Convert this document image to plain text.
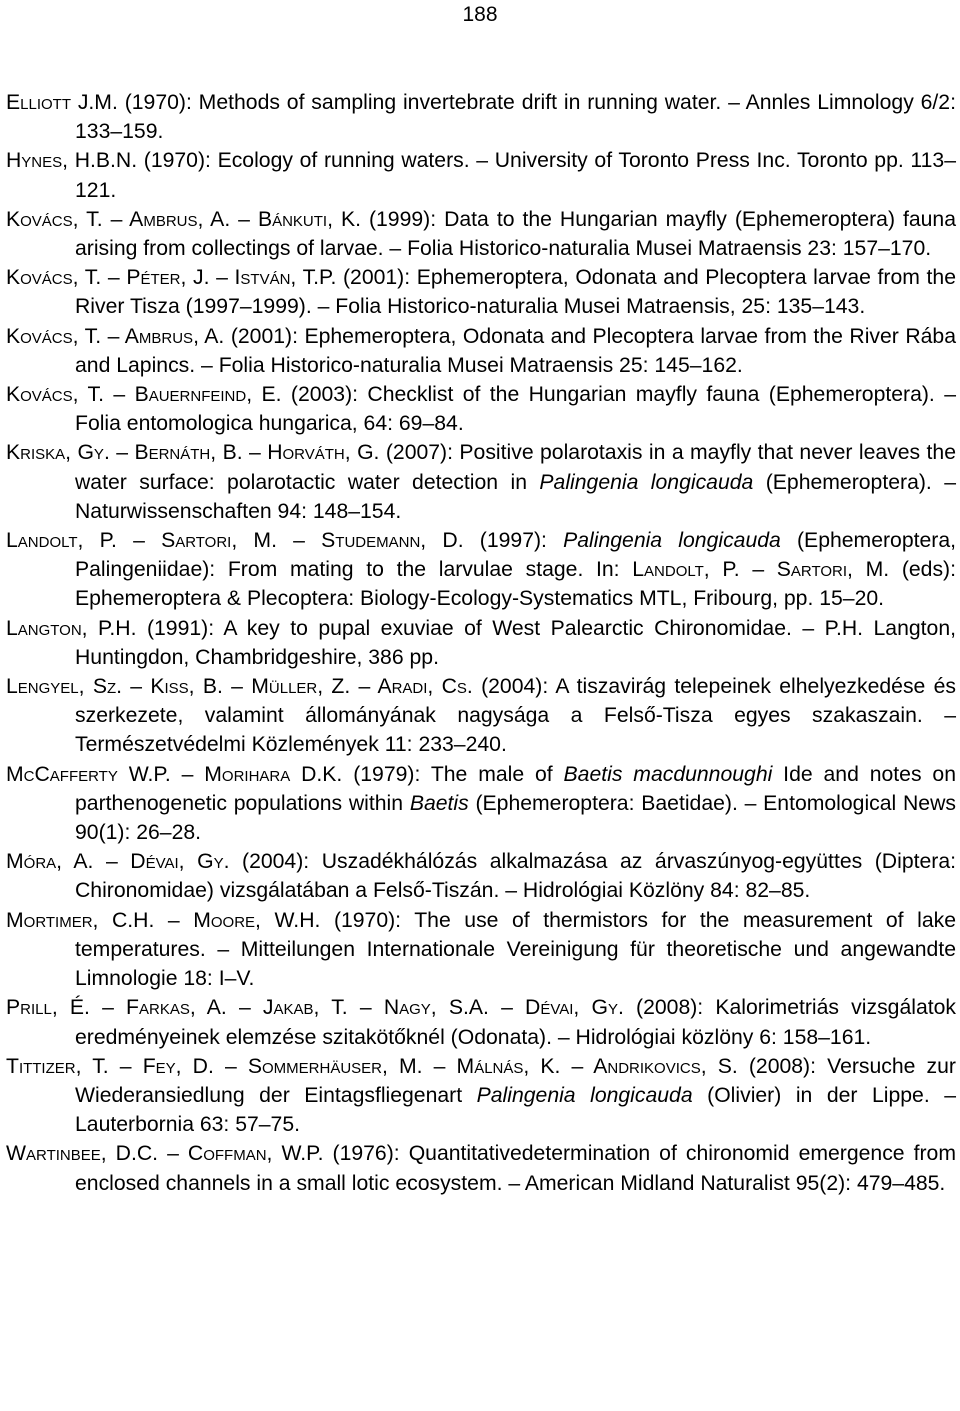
188
Elliott J.M. (1970): Methods of sampling invertebrate drift in running water. – Annles Limnology 6/2: 133–159.
Hynes, H.B.N. (1970): Ecology of running waters. – University of Toronto Press Inc. Toronto pp. 113–121.
Kovács, T. – Ambrus, A. – Bánkuti, K. (1999): Data to the Hungarian mayfly (Ephemeroptera) fauna arising from collectings of larvae. – Folia Historico-naturalia Musei Matraensis 23: 157–170.
Kovács, T. – Péter, J. – István, T.P. (2001): Ephemeroptera, Odonata and Plecoptera larvae from the River Tisza (1997–1999). – Folia Historico-naturalia Musei Matraensis, 25: 135–143.
Kovács, T. – Ambrus, A. (2001): Ephemeroptera, Odonata and Plecoptera larvae from the River Rába and Lapincs. – Folia Historico-naturalia Musei Matraensis 25: 145–162.
Kovács, T. – Bauernfeind, E. (2003): Checklist of the Hungarian mayfly fauna (Ephemeroptera). – Folia entomologica hungarica, 64: 69–84.
Kriska, Gy. – Bernáth, B. – Horváth, G. (2007): Positive polarotaxis in a mayfly that never leaves the water surface: polarotactic water detection in Palingenia longicauda (Ephemeroptera). – Naturwissenschaften 94: 148–154.
Landolt, P. – Sartori, M. – Studemann, D. (1997): Palingenia longicauda (Ephemeroptera, Palingeniidae): From mating to the larvulae stage. In: Landolt, P. – Sartori, M. (eds): Ephemeroptera & Plecoptera: Biology-Ecology-Systematics MTL, Fribourg, pp. 15–20.
Langton, P.H. (1991): A key to pupal exuviae of West Palearctic Chironomidae. – P.H. Langton, Huntingdon, Chambridgeshire, 386 pp.
Lengyel, Sz. – Kiss, B. – Müller, Z. – Aradi, Cs. (2004): A tiszavirág telepeinek elhelyezkedése és szerkezete, valamint állományának nagysága a Felső-Tisza egyes szakaszain. – Természetvédelmi Közlemények 11: 233–240.
McCafferty W.P. – Morihara D.K. (1979): The male of Baetis macdunnoughi Ide and notes on parthenogenetic populations within Baetis (Ephemeroptera: Baetidae). – Entomological News 90(1): 26–28.
Móra, A. – Dévai, Gy. (2004): Uszadékhálózás alkalmazása az árvaszúnyog-együttes (Diptera: Chironomidae) vizsgálatában a Felső-Tiszán. – Hidrológiai Közlöny 84: 82–85.
Mortimer, C.H. – Moore, W.H. (1970): The use of thermistors for the measurement of lake temperatures. – Mitteilungen Internationale Vereinigung für theoretische und angewandte Limnologie 18: I–V.
Prill, É. – Farkas, A. – Jakab, T. – Nagy, S.A. – Dévai, Gy. (2008): Kalorimetriás vizsgálatok eredményeinek elemzése szitakötőknél (Odonata). – Hidrológiai közlöny 6: 158–161.
Tittizer, T. – Fey, D. – Sommerhäuser, M. – Málnás, K. – Andrikovics, S. (2008): Versuche zur Wiederansiedlung der Eintagsfliegenart Palingenia longicauda (Olivier) in der Lippe. – Lauterbornia 63: 57–75.
Wartinbee, D.C. – Coffman, W.P. (1976): Quantitativedetermination of chironomid emergence from enclosed channels in a small lotic ecosystem. – American Midland Naturalist 95(2): 479–485.
